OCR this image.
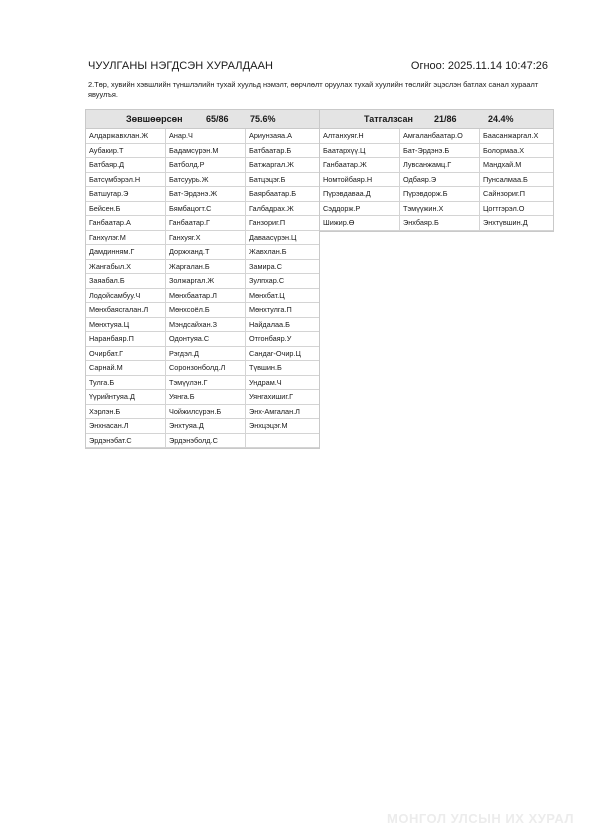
ЧУУЛГАНЫ НЭГДСЭН ХУРАЛДААН	Огноо: 2025.11.14 10:47:26
2.Төр, хувийн хэвшлийн түншлэлийн тухай хуульд нэмэлт, өөрчлөлт оруулах тухай хуулийн төслийг эцэслэн батлах санал хураалт явуулъя.
Зөвшөөрсөн	65/86 75.6%
Алдаржавхлан.Ж	Анар.Ч	Ариунзаяа.А
Аубакир.Т	Бадамсүрэн.М	Батбаатар.Б
Батбаяр.Д	Батболд.Р	Батжаргал.Ж
Батсүмбэрэл.Н	Батсуурь.Ж	Батцэцэг.Б
Батшугар.Э	Бат-Эрдэнэ.Ж	Баярбаатар.Б
Бейсен.Б	Бямбацогт.С	Галбадрах.Ж
Ганбаатар.А	Ганбаатар.Г	Ганзориг.П
Ганхүлэг.М	Ганхуяг.Х	Даваасүрэн.Ц
Дамдинням.Г	Доржханд.Т	Жавхлан.Б
Жангабыл.Х	Жаргалан.Б	Замира.С
Заяабал.Б	Золжаргал.Ж	Зулпхар.С
Лодойсамбуу.Ч	Мөнхбаатар.Л	Мөнхбат.Ц
Мөнхбаясгалан.Л	Мөнхсоёл.Б	Мөнхтулга.П
Мөнхтуяа.Ц	Мэндсайхан.З	Найдалаа.Б
Наранбаяр.П	Одонтуяа.С	Отгонбаяр.У
Очирбат.Г	Рэгдэл.Д	Сандаг-Очир.Ц
Сарнай.М	Соронзонболд.Л	Түвшин.Б
Тулга.Б	Тэмүүлэн.Г	Ундрам.Ч
Үүрийнтуяа.Д	Уянга.Б	Уянгахишиг.Г
Хэрлэн.Б	Чойжилсүрэн.Б	Энх-Амгалан.Л
Энхнасан.Л	Энхтуяа.Д	Энхцэцэг.М
Эрдэнэбат.С	Эрдэнэболд.С
Татгалзсан 21/86	24.4%
Алтанхуяг.Н	Амгаланбаатар.О	Баасанжаргал.Х
Баатархүү.Ц	Бат-Эрдэнэ.Б	Болормаа.Х
Ганбаатар.Ж	Лувсанжамц.Г	Мандхай.М
Номтойбаяр.Н	Одбаяр.Э	Пунсалмаа.Б
Пүрэвдаваа.Д	Пүрэвдорж.Б	Сайнзориг.П
Сэддорж.Р	Тэмүүжин.Х	Цогтгэрэл.О
Шижир.Ө	Энхбаяр.Б	Энхтүвшин.Д
МОНГОЛ УЛСЫН ИХ ХУРАЛ
